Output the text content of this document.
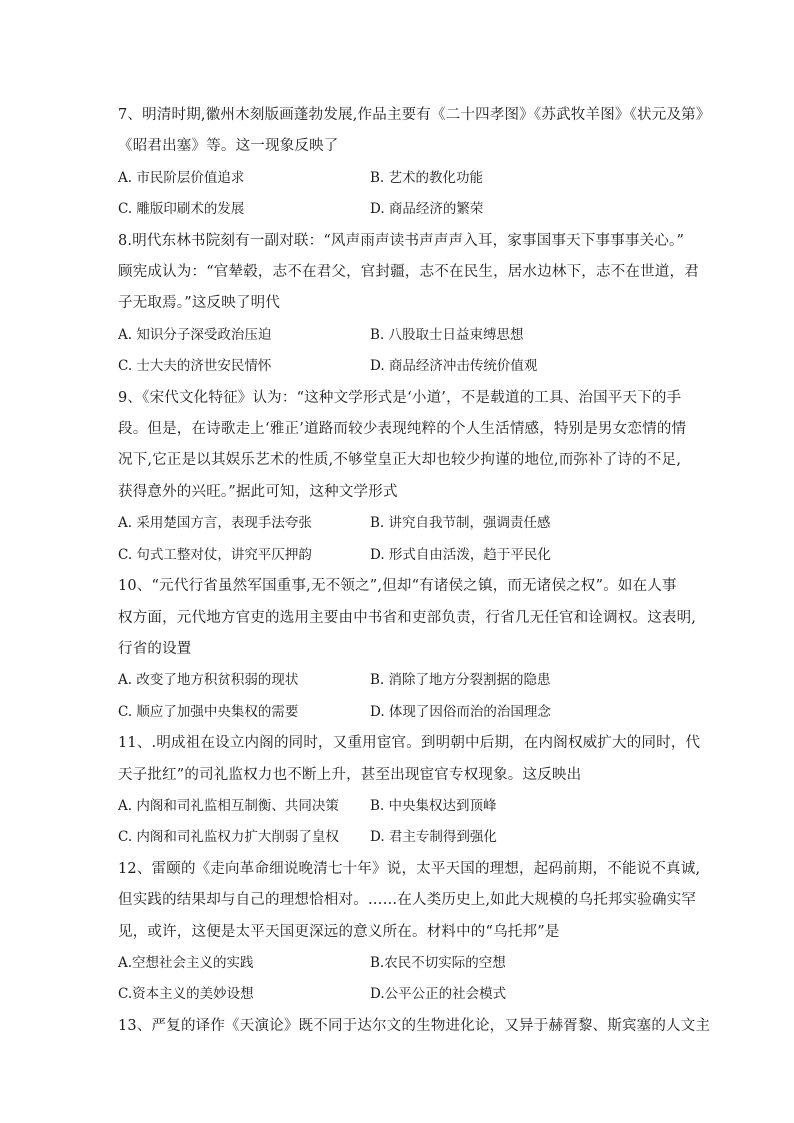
7、明清时期,徽州木刻版画蓬勃发展,作品主要有《二十四孝图》《苏武牧羊图》《状元及第》
《昭君出塞》等。这一现象反映了
A. 市民阶层价值追求	B. 艺术的教化功能
C. 雕版印刷术的发展	D. 商品经济的繁荣
8.明代东林书院刻有一副对联：“风声雨声读书声声声入耳，家事国事天下事事事关心。”
顾宪成认为：“官辇毂，志不在君父，官封疆，志不在民生，居水边林下，志不在世道，君
子无取焉。”这反映了明代
A. 知识分子深受政治压迫	B. 八股取士日益束缚思想
C. 士大夫的济世安民情怀	D. 商品经济冲击传统价值观
9、《宋代文化特征》认为：“这种文学形式是‘小道’，不是载道的工具、治国平天下的手
段。但是，在诗歌走上‘雅正’道路而较少表现纯粹的个人生活情感，特别是男女恋情的情
况下,它正是以其娱乐艺术的性质,不够堂皇正大却也较少拘谨的地位,而弥补了诗的不足,
获得意外的兴旺。”据此可知，这种文学形式
A. 采用楚国方言，表现手法夸张	B. 讲究自我节制，强调责任感
C. 句式工整对仗，讲究平仄押韵	D. 形式自由活泼，趋于平民化
10、“元代行省虽然军国重事,无不领之”,但却“有诸侯之镇，而无诸侯之权”。如在人事
权方面，元代地方官吏的选用主要由中书省和吏部负责，行省几无任官和诠调权。这表明,
行省的设置
A. 改变了地方积贫积弱的现状	B. 消除了地方分裂割据的隐患
C. 顺应了加强中央集权的需要	D. 体现了因俗而治的治国理念
11、.明成祖在设立内阁的同时，又重用宦官。到明朝中后期，在内阁权威扩大的同时，代
天子批红”的司礼监权力也不断上升，甚至出现宦官专权现象。这反映出
A. 内阁和司礼监相互制衡、共同决策	B. 中央集权达到顶峰
C. 内阁和司礼监权力扩大削弱了皇权	D. 君主专制得到强化
12、雷颐的《走向革命细说晚清七十年》说，太平天国的理想，起码前期，不能说不真诚,
但实践的结果却与自己的理想恰相对。……在人类历史上,如此大规模的乌托邦实验确实罕
见，或许，这便是太平天国更深远的意义所在。材料中的“乌托邦”是
A.空想社会主义的实践	B.农民不切实际的空想
C.资本主义的美妙设想	D.公平公正的社会模式
13、严复的译作《天演论》既不同于达尔文的生物进化论，又异于赫胥黎、斯宾塞的人文主
